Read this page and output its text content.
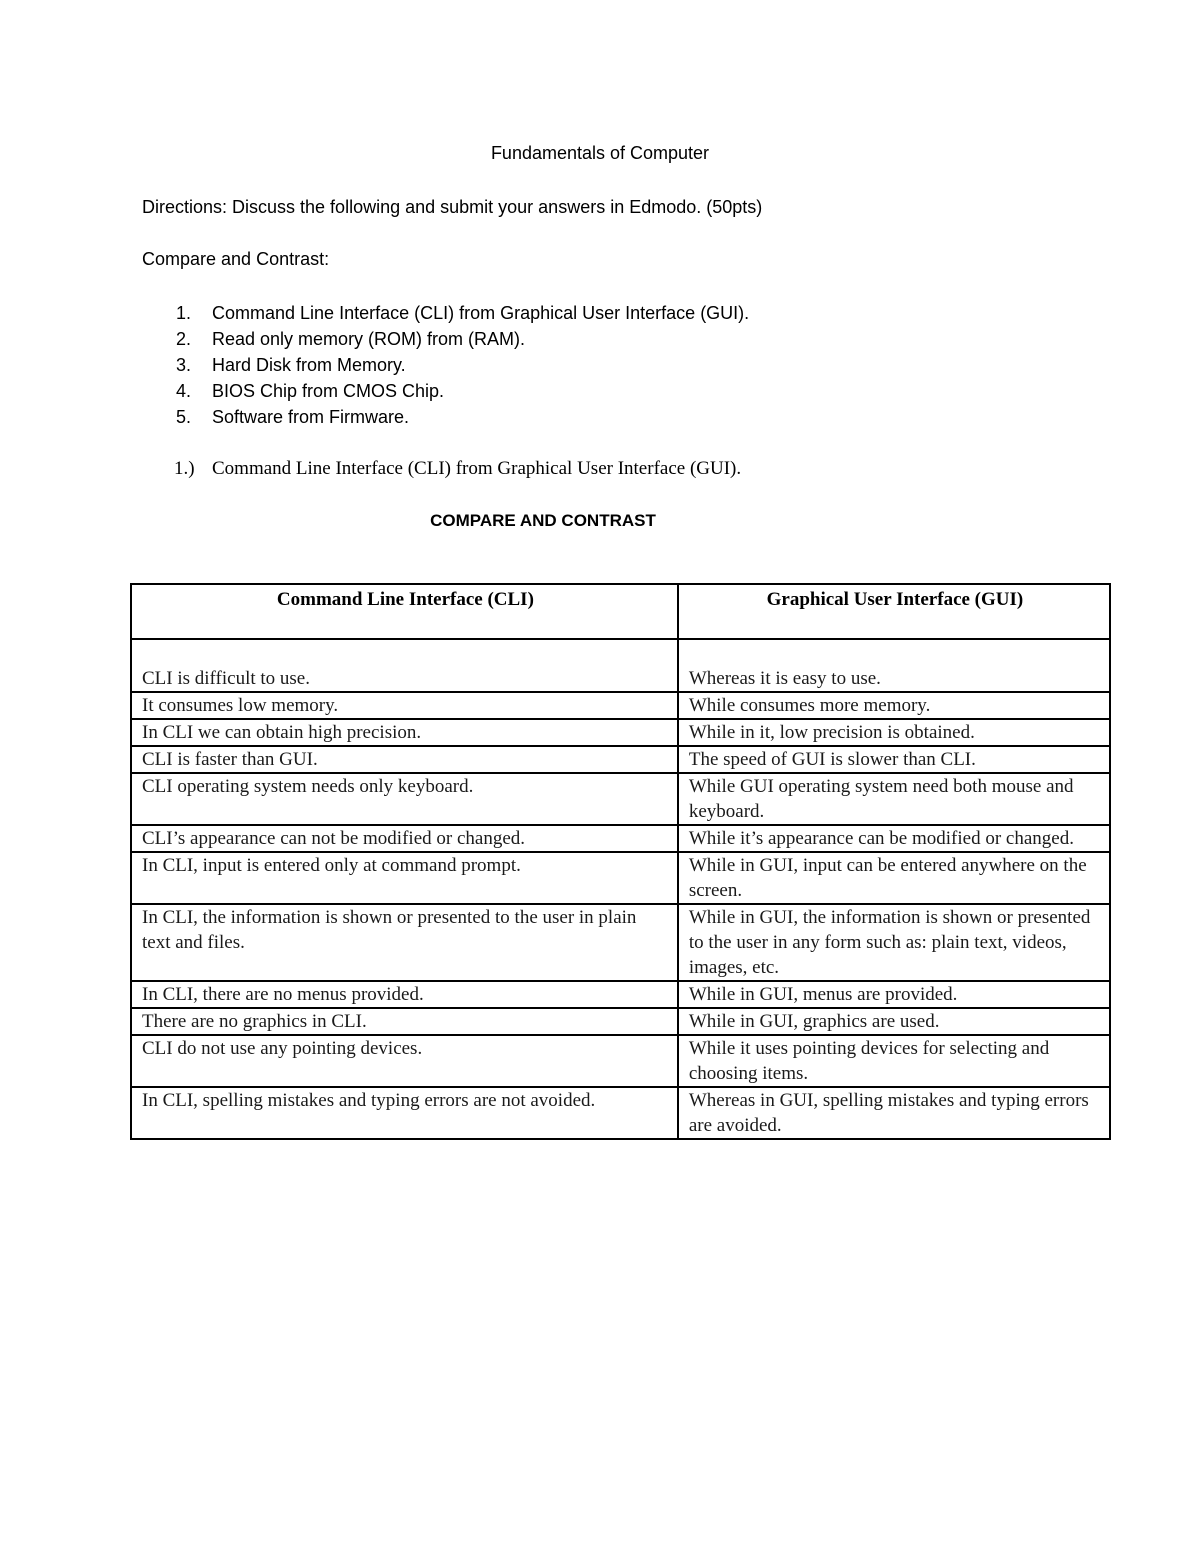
Fundamentals of Computer
Directions: Discuss the following and submit your answers in Edmodo. (50pts)
Compare and Contrast:
1. Command Line Interface (CLI) from Graphical User Interface (GUI).
2. Read only memory (ROM) from (RAM).
3. Hard Disk from Memory.
4. BIOS Chip from CMOS Chip.
5. Software from Firmware.
1.) Command Line Interface (CLI) from Graphical User Interface (GUI).
COMPARE AND CONTRAST
Command Line Interface (CLI)	Graphical User Interface (GUI)
CLI is difficult to use.	Whereas it is easy to use.
It consumes low memory.	While consumes more memory.
In CLI we can obtain high precision.	While in it, low precision is obtained.
CLI is faster than GUI.	The speed of GUI is slower than CLI.
CLI operating system needs only keyboard.	While GUI operating system need both mouse and keyboard.
CLI’s appearance can not be modified or changed.	While it’s appearance can be modified or changed.
In CLI, input is entered only at command prompt.	While in GUI, input can be entered anywhere on the screen.
In CLI, the information is shown or presented to the user in plain text and files.	While in GUI, the information is shown or presented to the user in any form such as: plain text, videos, images, etc.
In CLI, there are no menus provided.	While in GUI, menus are provided.
There are no graphics in CLI.	While in GUI, graphics are used.
CLI do not use any pointing devices.	While it uses pointing devices for selecting and choosing items.
In CLI, spelling mistakes and typing errors are not avoided.	Whereas in GUI, spelling mistakes and typing errors are avoided.
